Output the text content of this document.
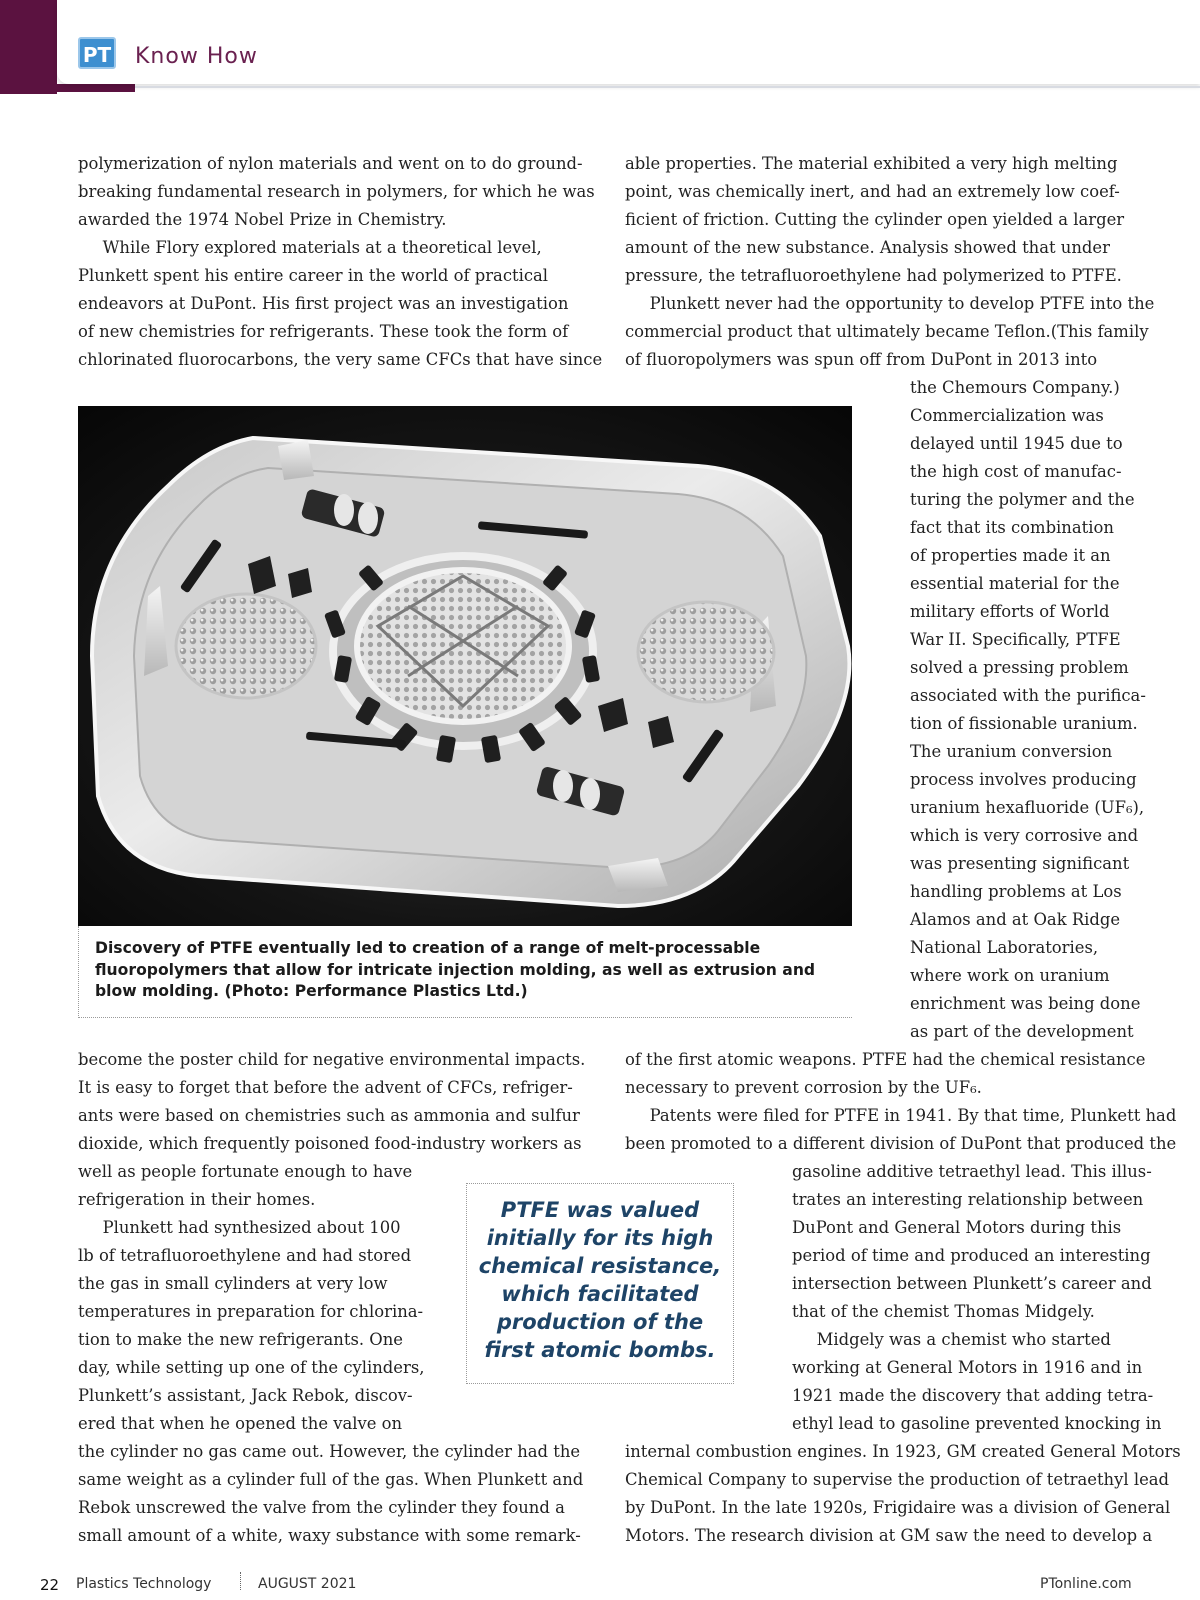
PT Know How

polymerization of nylon materials and went on to do ground-

breaking fundamental research in polymers, for which he was

awarded the 1974 Nobel Prize in Chemistry.

  While Flory explored materials at a theoretical level,

Plunkett spent his entire career in the world of practical

endeavors at DuPont. His first project was an investigation

of new chemistries for refrigerants. These took the form of

chlorinated fluorocarbons, the very same CFCs that have since

able properties. The material exhibited a very high melting

point, was chemically inert, and had an extremely low coef-

ficient of friction. Cutting the cylinder open yielded a larger

amount of the new substance. Analysis showed that under

pressure, the tetrafluoroethylene had polymerized to PTFE.

  Plunkett never had the opportunity to develop PTFE into the

commercial product that ultimately became Teflon.(This family

of fluoropolymers was spun off from DuPont in 2013 into

the Chemours Company.)

Commercialization was

delayed until 1945 due to

the high cost of manufac-

turing the polymer and the

fact that its combination

of properties made it an

essential material for the

military efforts of World

War II. Specifically, PTFE

solved a pressing problem

associated with the purifica-

tion of fissionable uranium.

The uranium conversion

process involves producing

uranium hexafluoride (UF₆),

which is very corrosive and

was presenting significant

handling problems at Los

Alamos and at Oak Ridge

National Laboratories,

where work on uranium

enrichment was being done

as part of the development

of the first atomic weapons. PTFE had the chemical resistance

necessary to prevent corrosion by the UF₆.

  Patents were filed for PTFE in 1941. By that time, Plunkett had

been promoted to a different division of DuPont that produced the

gasoline additive tetraethyl lead. This illus-

trates an interesting relationship between

DuPont and General Motors during this

period of time and produced an interesting

intersection between Plunkett’s career and

that of the chemist Thomas Midgely.

  Midgely was a chemist who started

working at General Motors in 1916 and in

1921 made the discovery that adding tetra-

ethyl lead to gasoline prevented knocking in

internal combustion engines. In 1923, GM created General Motors

Chemical Company to supervise the production of tetraethyl lead

by DuPont. In the late 1920s, Frigidaire was a division of General

Motors. The research division at GM saw the need to develop a

become the poster child for negative environmental impacts.

It is easy to forget that before the advent of CFCs, refriger-

ants were based on chemistries such as ammonia and sulfur

dioxide, which frequently poisoned food-industry workers as

well as people fortunate enough to have

refrigeration in their homes.

  Plunkett had synthesized about 100

lb of tetrafluoroethylene and had stored

the gas in small cylinders at very low

temperatures in preparation for chlorina-

tion to make the new refrigerants. One

day, while setting up one of the cylinders,

Plunkett’s assistant, Jack Rebok, discov-

ered that when he opened the valve on

the cylinder no gas came out. However, the cylinder had the

same weight as a cylinder full of the gas. When Plunkett and

Rebok unscrewed the valve from the cylinder they found a

small amount of a white, waxy substance with some remark-

Discovery of PTFE eventually led to creation of a range of melt-processable fluoropolymers that allow for intricate injection molding, as well as extrusion and blow molding. (Photo: Performance Plastics Ltd.)
PTFE was valued initially for its high chemical resistance, which facilitated production of the first atomic bombs.
22 Plastics Technology	AUGUST 2021	PTonline.com
